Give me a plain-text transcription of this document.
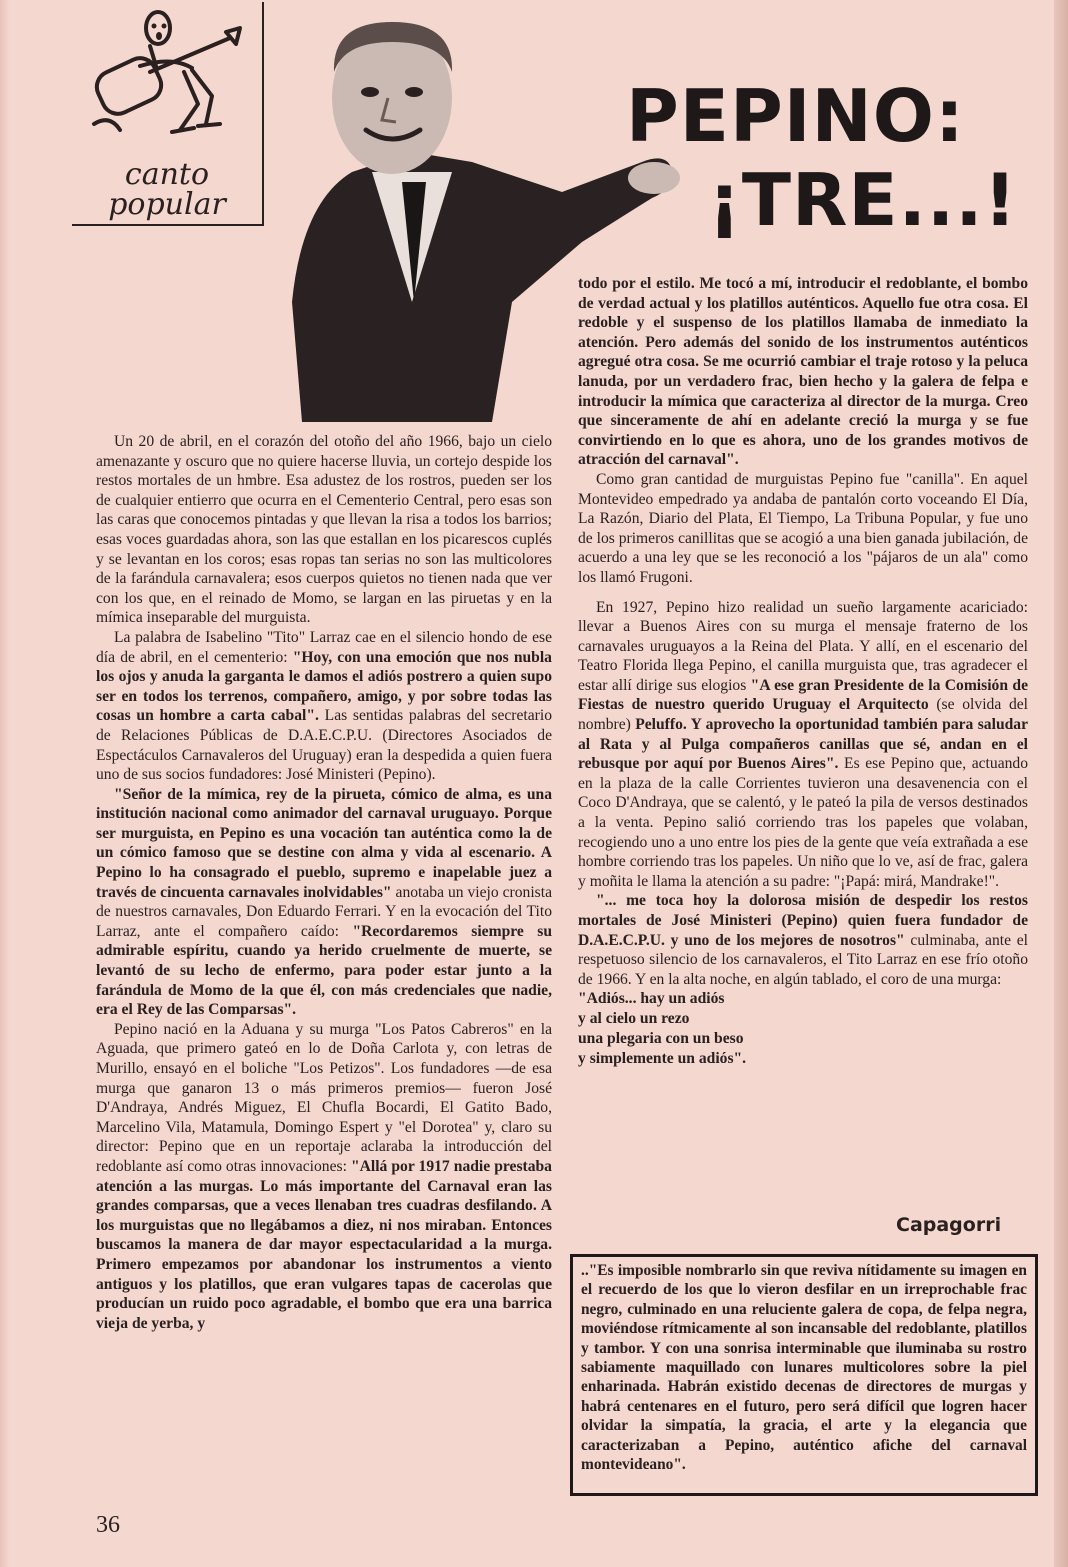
canto
popular
PEPINO:
¡TRE...!

Un 20 de abril, en el corazón del otoño del año 1966, bajo un cielo amenazante y oscuro que no quiere hacerse lluvia, un cortejo despide los restos mortales de un hmbre. Esa adustez de los rostros, pueden ser los de cualquier entierro que ocurra en el Cementerio Central, pero esas son las caras que conocemos pintadas y que llevan la risa a todos los barrios; esas voces guardadas ahora, son las que estallan en los picarescos cuplés y se levantan en los coros; esas ropas tan serias no son las multicolores de la farándula carnavalera; esos cuerpos quietos no tienen nada que ver con los que, en el reinado de Momo, se largan en las piruetas y en la mímica inseparable del murguista.

La palabra de Isabelino "Tito" Larraz cae en el silencio hondo de ese día de abril, en el cementerio: "Hoy, con una emoción que nos nubla los ojos y anuda la garganta le damos el adiós postrero a quien supo ser en todos los terrenos, compañero, amigo, y por sobre todas las cosas un hombre a carta cabal". Las sentidas palabras del secretario de Relaciones Públicas de D.A.E.C.P.U. (Directores Asociados de Espectáculos Carnavaleros del Uruguay) eran la despedida a quien fuera uno de sus socios fundadores: José Ministeri (Pepino).

"Señor de la mímica, rey de la pirueta, cómico de alma, es una institución nacional como animador del carnaval uruguayo. Porque ser murguista, en Pepino es una vocación tan auténtica como la de un cómico famoso que se destine con alma y vida al escenario. A Pepino lo ha consagrado el pueblo, supremo e inapelable juez a través de cincuenta carnavales inolvidables" anotaba un viejo cronista de nuestros carnavales, Don Eduardo Ferrari. Y en la evocación del Tito Larraz, ante el compañero caído: "Recordaremos siempre su admirable espíritu, cuando ya herido cruelmente de muerte, se levantó de su lecho de enfermo, para poder estar junto a la farándula de Momo de la que él, con más credenciales que nadie, era el Rey de las Comparsas".

Pepino nació en la Aduana y su murga "Los Patos Cabreros" en la Aguada, que primero gateó en lo de Doña Carlota y, con letras de Murillo, ensayó en el boliche "Los Petizos". Los fundadores —de esa murga que ganaron 13 o más primeros premios— fueron José D'Andraya, Andrés Miguez, El Chufla Bocardi, El Gatito Bado, Marcelino Vila, Matamula, Domingo Espert y "el Dorotea" y, claro su director: Pepino que en un reportaje aclaraba la introducción del redoblante así como otras innovaciones: "Allá por 1917 nadie prestaba atención a las murgas. Lo más importante del Carnaval eran las grandes comparsas, que a veces llenaban tres cuadras desfilando. A los murguistas que no llegábamos a diez, ni nos miraban. Entonces buscamos la manera de dar mayor espectacularidad a la murga. Primero empezamos por abandonar los instrumentos a viento antiguos y los platillos, que eran vulgares tapas de cacerolas que producían un ruido poco agradable, el bombo que era una barrica vieja de yerba, y

todo por el estilo. Me tocó a mí, introducir el redoblante, el bombo de verdad actual y los platillos auténticos. Aquello fue otra cosa. El redoble y el suspenso de los platillos llamaba de inmediato la atención. Pero además del sonido de los instrumentos auténticos agregué otra cosa. Se me ocurrió cambiar el traje rotoso y la peluca lanuda, por un verdadero frac, bien hecho y la galera de felpa e introducir la mímica que caracteriza al director de la murga. Creo que sinceramente de ahí en adelante creció la murga y se fue convirtiendo en lo que es ahora, uno de los grandes motivos de atracción del carnaval".

Como gran cantidad de murguistas Pepino fue "canilla". En aquel Montevideo empedrado ya andaba de pantalón corto voceando El Día, La Razón, Diario del Plata, El Tiempo, La Tribuna Popular, y fue uno de los primeros canillitas que se acogió a una bien ganada jubilación, de acuerdo a una ley que se les reconoció a los "pájaros de un ala" como los llamó Frugoni.

En 1927, Pepino hizo realidad un sueño largamente acariciado: llevar a Buenos Aires con su murga el mensaje fraterno de los carnavales uruguayos a la Reina del Plata. Y allí, en el escenario del Teatro Florida llega Pepino, el canilla murguista que, tras agradecer el estar allí dirige sus elogios "A ese gran Presidente de la Comisión de Fiestas de nuestro querido Uruguay el Arquitecto (se olvida del nombre) Peluffo. Y aprovecho la oportunidad también para saludar al Rata y al Pulga compañeros canillas que sé, andan en el rebusque por aquí por Buenos Aires". Es ese Pepino que, actuando en la plaza de la calle Corrientes tuvieron una desavenencia con el Coco D'Andraya, que se calentó, y le pateó la pila de versos destinados a la venta. Pepino salió corriendo tras los papeles que volaban, recogiendo uno a uno entre los pies de la gente que veía extrañada a ese hombre corriendo tras los papeles. Un niño que lo ve, así de frac, galera y moñita le llama la atención a su padre: "¡Papá: mirá, Mandrake!".

"... me toca hoy la dolorosa misión de despedir los restos mortales de José Ministeri (Pepino) quien fuera fundador de D.A.E.C.P.U. y uno de los mejores de nosotros" culminaba, ante el respetuoso silencio de los carnavaleros, el Tito Larraz en ese frío otoño de 1966. Y en la alta noche, en algún tablado, el coro de una murga:

"Adiós... hay un adiós
y al cielo un rezo
una plegaria con un beso
y simplemente un adiós".
Capagorri
.."Es imposible nombrarlo sin que reviva nítidamente su imagen en el recuerdo de los que lo vieron desfilar en un irreprochable frac negro, culminado en una reluciente galera de copa, de felpa negra, moviéndose rítmicamente al son incansable del redoblante, platillos y tambor. Y con una sonrisa interminable que iluminaba su rostro sabiamente maquillado con lunares multicolores sobre la piel enharinada. Habrán existido decenas de directores de murgas y habrá centenares en el futuro, pero será difícil que logren hacer olvidar la simpatía, la gracia, el arte y la elegancia que caracterizaban a Pepino, auténtico afiche del carnaval montevideano".
36
